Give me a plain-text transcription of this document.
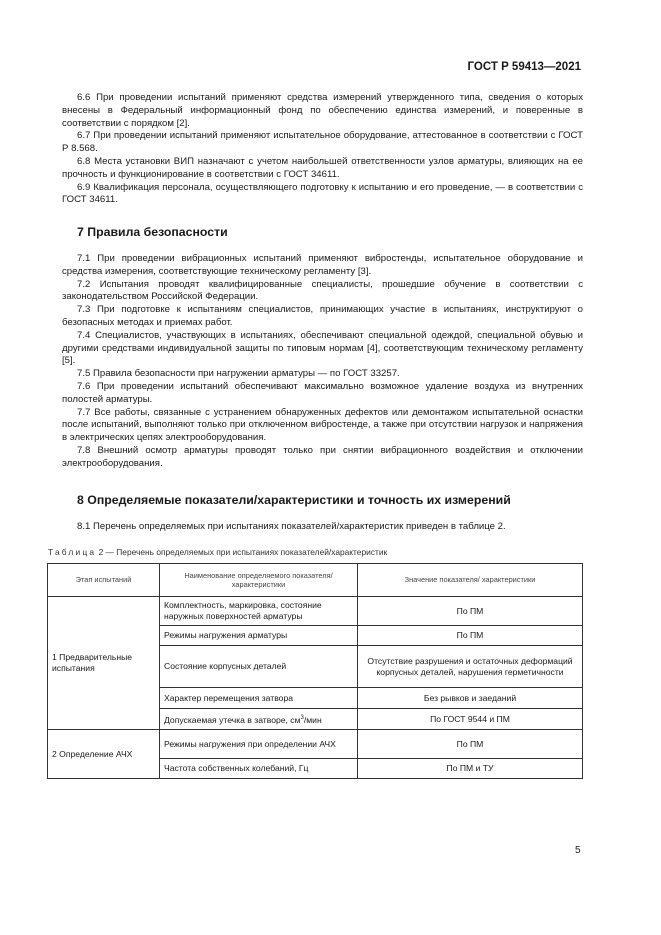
ГОСТ Р 59413—2021

6.6 При проведении испытаний применяют средства измерений утвержденного типа, сведения о которых внесены в Федеральный информационный фонд по обеспечению единства измерений, и поверенные в соответствии с порядком [2].

6.7 При проведении испытаний применяют испытательное оборудование, аттестованное в соответствии с ГОСТ Р 8.568.

6.8 Места установки ВИП назначают с учетом наибольшей ответственности узлов арматуры, влияющих на ее прочность и функционирование в соответствии с ГОСТ 34611.

6.9 Квалификация персонала, осуществляющего подготовку к испытанию и его проведение, — в соответствии с ГОСТ 34611.

7 Правила безопасности

7.1 При проведении вибрационных испытаний применяют вибростенды, испытательное оборудование и средства измерения, соответствующие техническому регламенту [3].

7.2 Испытания проводят квалифицированные специалисты, прошедшие обучение в соответствии с законодательством Российской Федерации.

7.3 При подготовке к испытаниям специалистов, принимающих участие в испытаниях, инструктируют о безопасных методах и приемах работ.

7.4 Специалистов, участвующих в испытаниях, обеспечивают специальной одеждой, специальной обувью и другими средствами индивидуальной защиты по типовым нормам [4], соответствующим техническому регламенту [5].

7.5 Правила безопасности при нагружении арматуры — по ГОСТ 33257.

7.6 При проведении испытаний обеспечивают максимально возможное удаление воздуха из внутренних полостей арматуры.

7.7 Все работы, связанные с устранением обнаруженных дефектов или демонтажом испытательной оснастки после испытаний, выполняют только при отключенном вибростенде, а также при отсутствии нагрузок и напряжения в электрических цепях электрооборудования.

7.8 Внешний осмотр арматуры проводят только при снятии вибрационного воздействия и отключении электрооборудования.

8 Определяемые показатели/характеристики и точность их измерений

8.1 Перечень определяемых при испытаниях показателей/характеристик приведен в таблице 2.

Таблица 2 — Перечень определяемых при испытаниях показателей/характеристик
Этап испытаний	Наименование определяемого показателя/характеристики	Значение показателя/ характеристики
1 Предварительные испытания	Комплектность, маркировка, состояние наружных поверхностей арматуры	По ПМ
	Режимы нагружения арматуры	По ПМ
	Состояние корпусных деталей	Отсутствие разрушения и остаточных деформаций корпусных деталей, нарушения герметичности
	Характер перемещения затвора	Без рывков и заеданий
	Допускаемая утечка в затворе, $см^3$/мин	По ГОСТ 9544 и ПМ
2 Определение АЧХ	Режимы нагружения при определении АЧХ	По ПМ
	Частота собственных колебаний, Гц	По ПМ и ТУ
5
